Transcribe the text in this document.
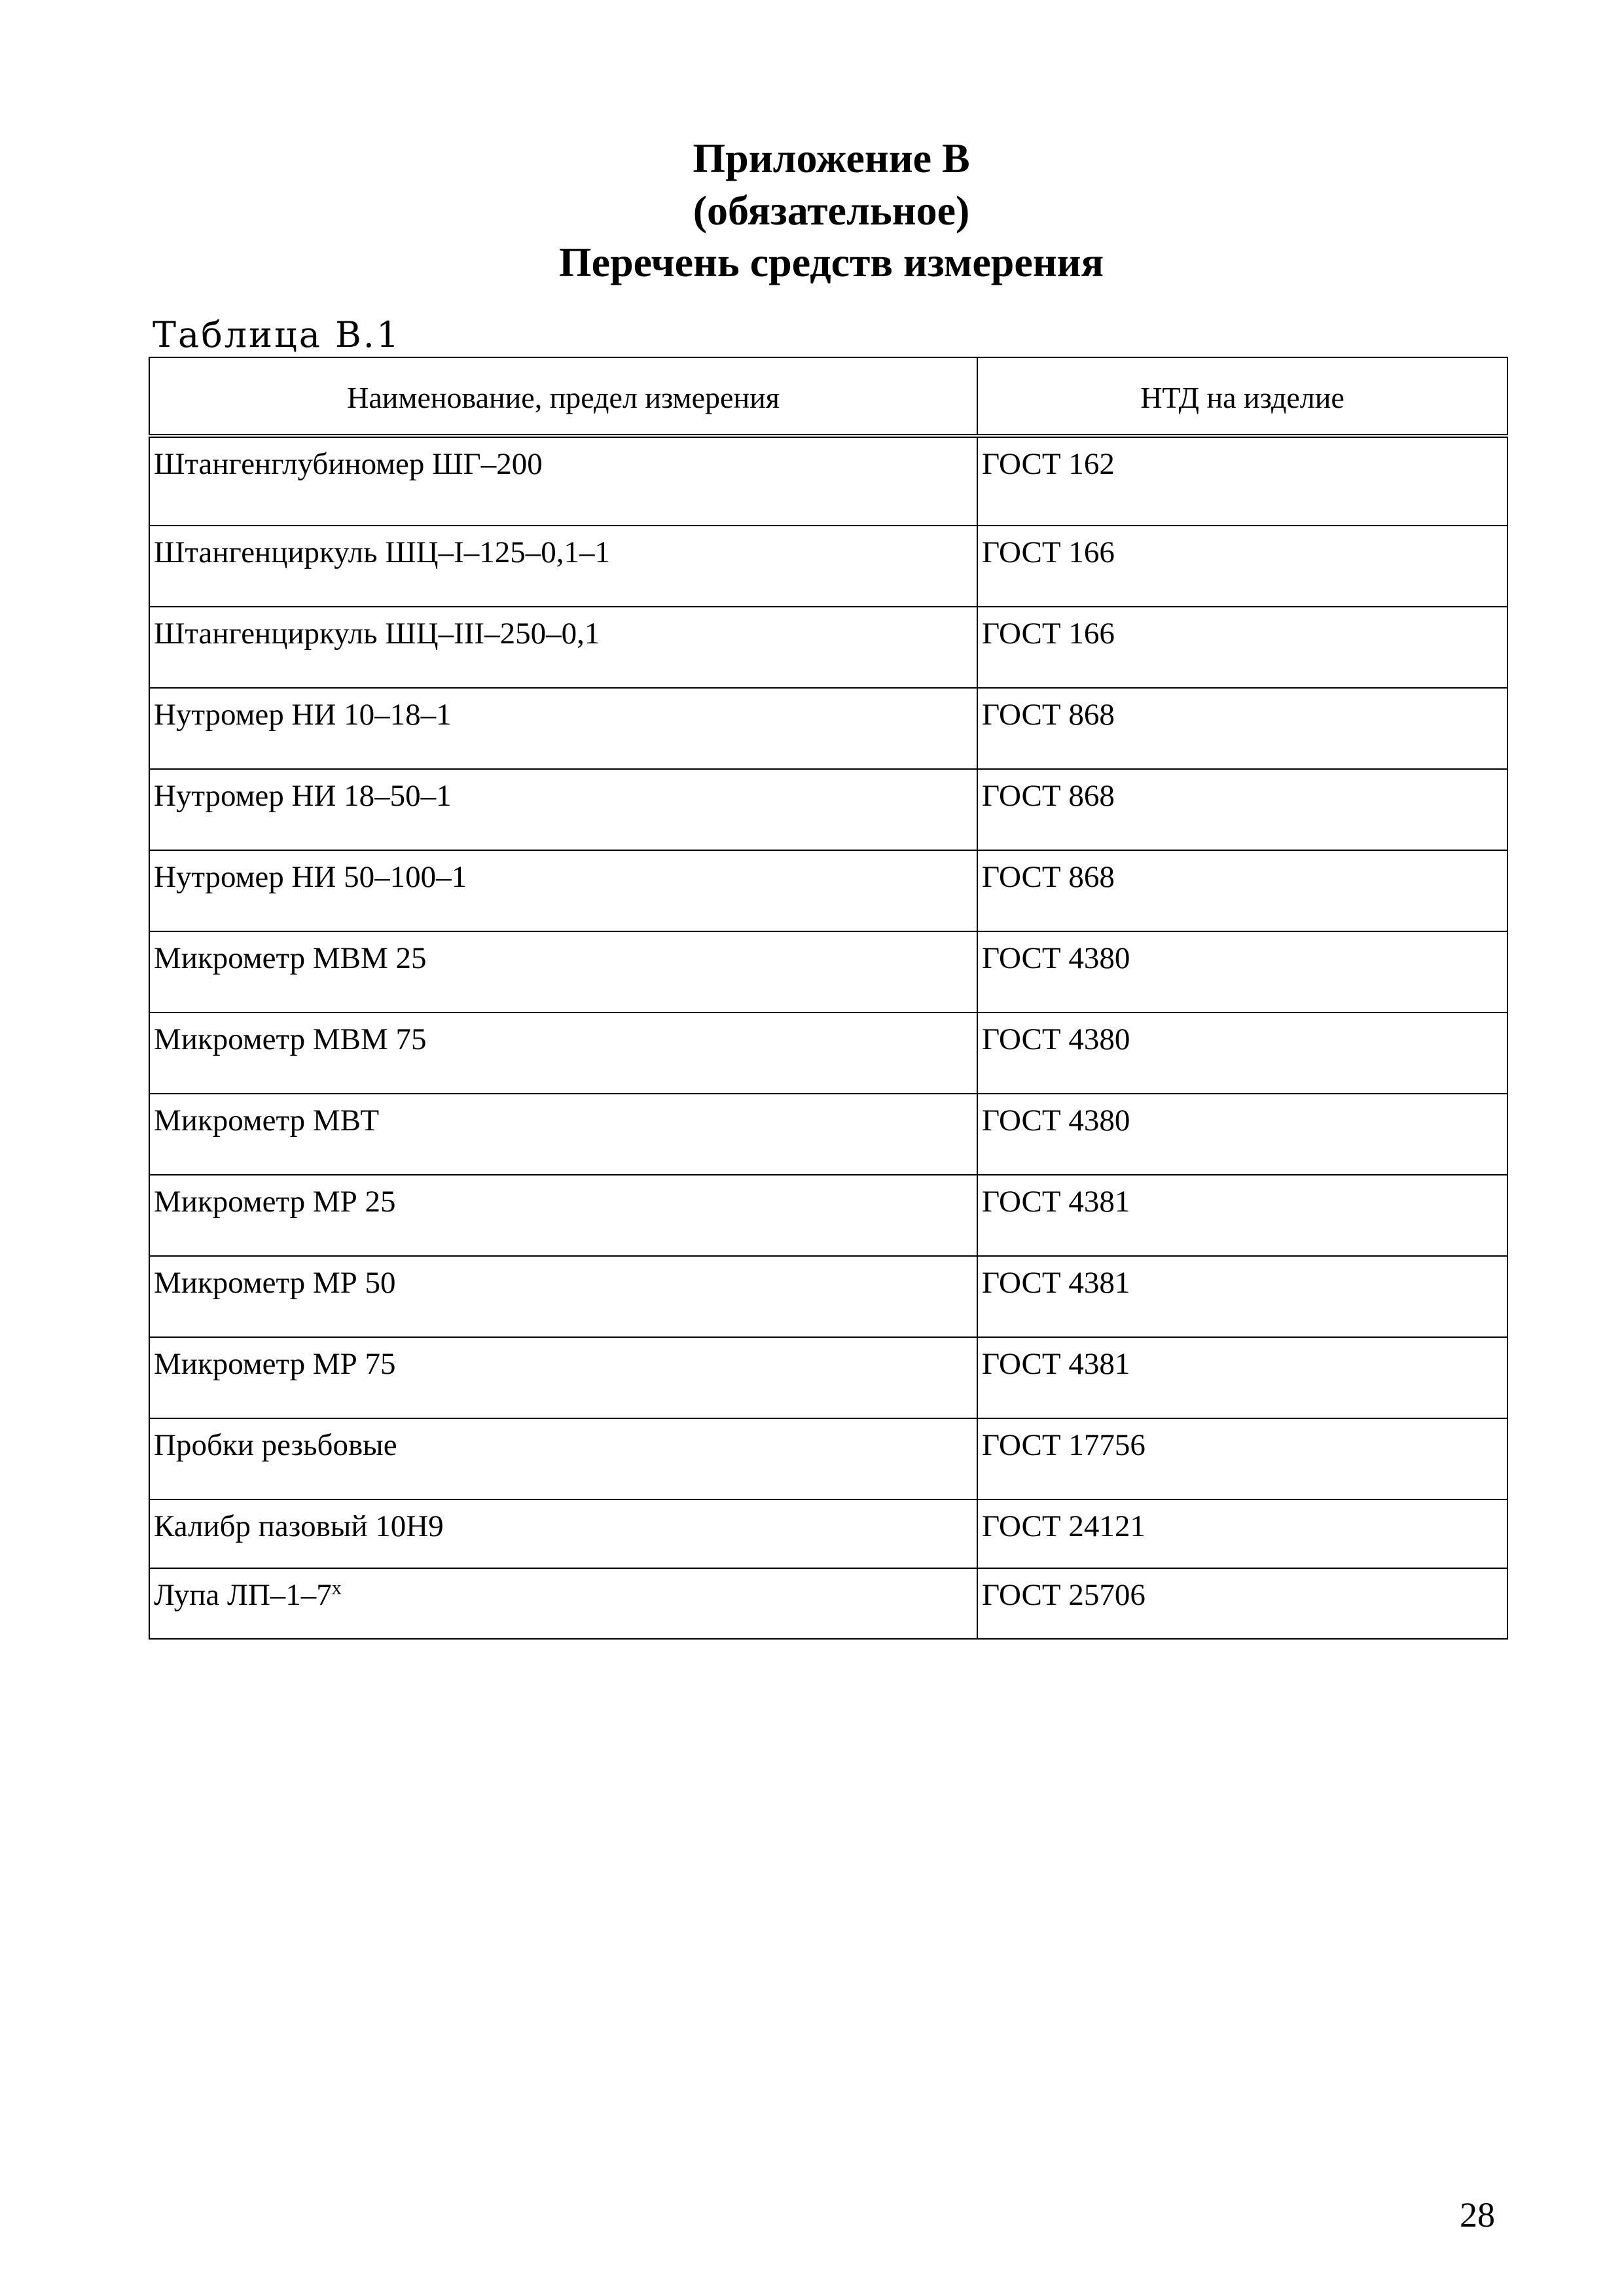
Приложение В
(обязательное)
Перечень средств измерения
Таблица В.1
Наименование, предел измерения	НТД на изделие
Штангенглубиномер ШГ–200	ГОСТ 162
Штангенциркуль ШЦ–I–125–0,1–1	ГОСТ 166
Штангенциркуль ШЦ–III–250–0,1	ГОСТ 166
Нутромер НИ 10–18–1	ГОСТ 868
Нутромер НИ 18–50–1	ГОСТ 868
Нутромер НИ 50–100–1	ГОСТ 868
Микрометр МВМ 25	ГОСТ 4380
Микрометр МВМ 75	ГОСТ 4380
Микрометр МВТ	ГОСТ 4380
Микрометр МР 25	ГОСТ 4381
Микрометр МР 50	ГОСТ 4381
Микрометр МР 75	ГОСТ 4381
Пробки резьбовые	ГОСТ 17756
Калибр пазовый 10Н9	ГОСТ 24121
Лупа $ЛП-1-7^х$	ГОСТ 25706
28
